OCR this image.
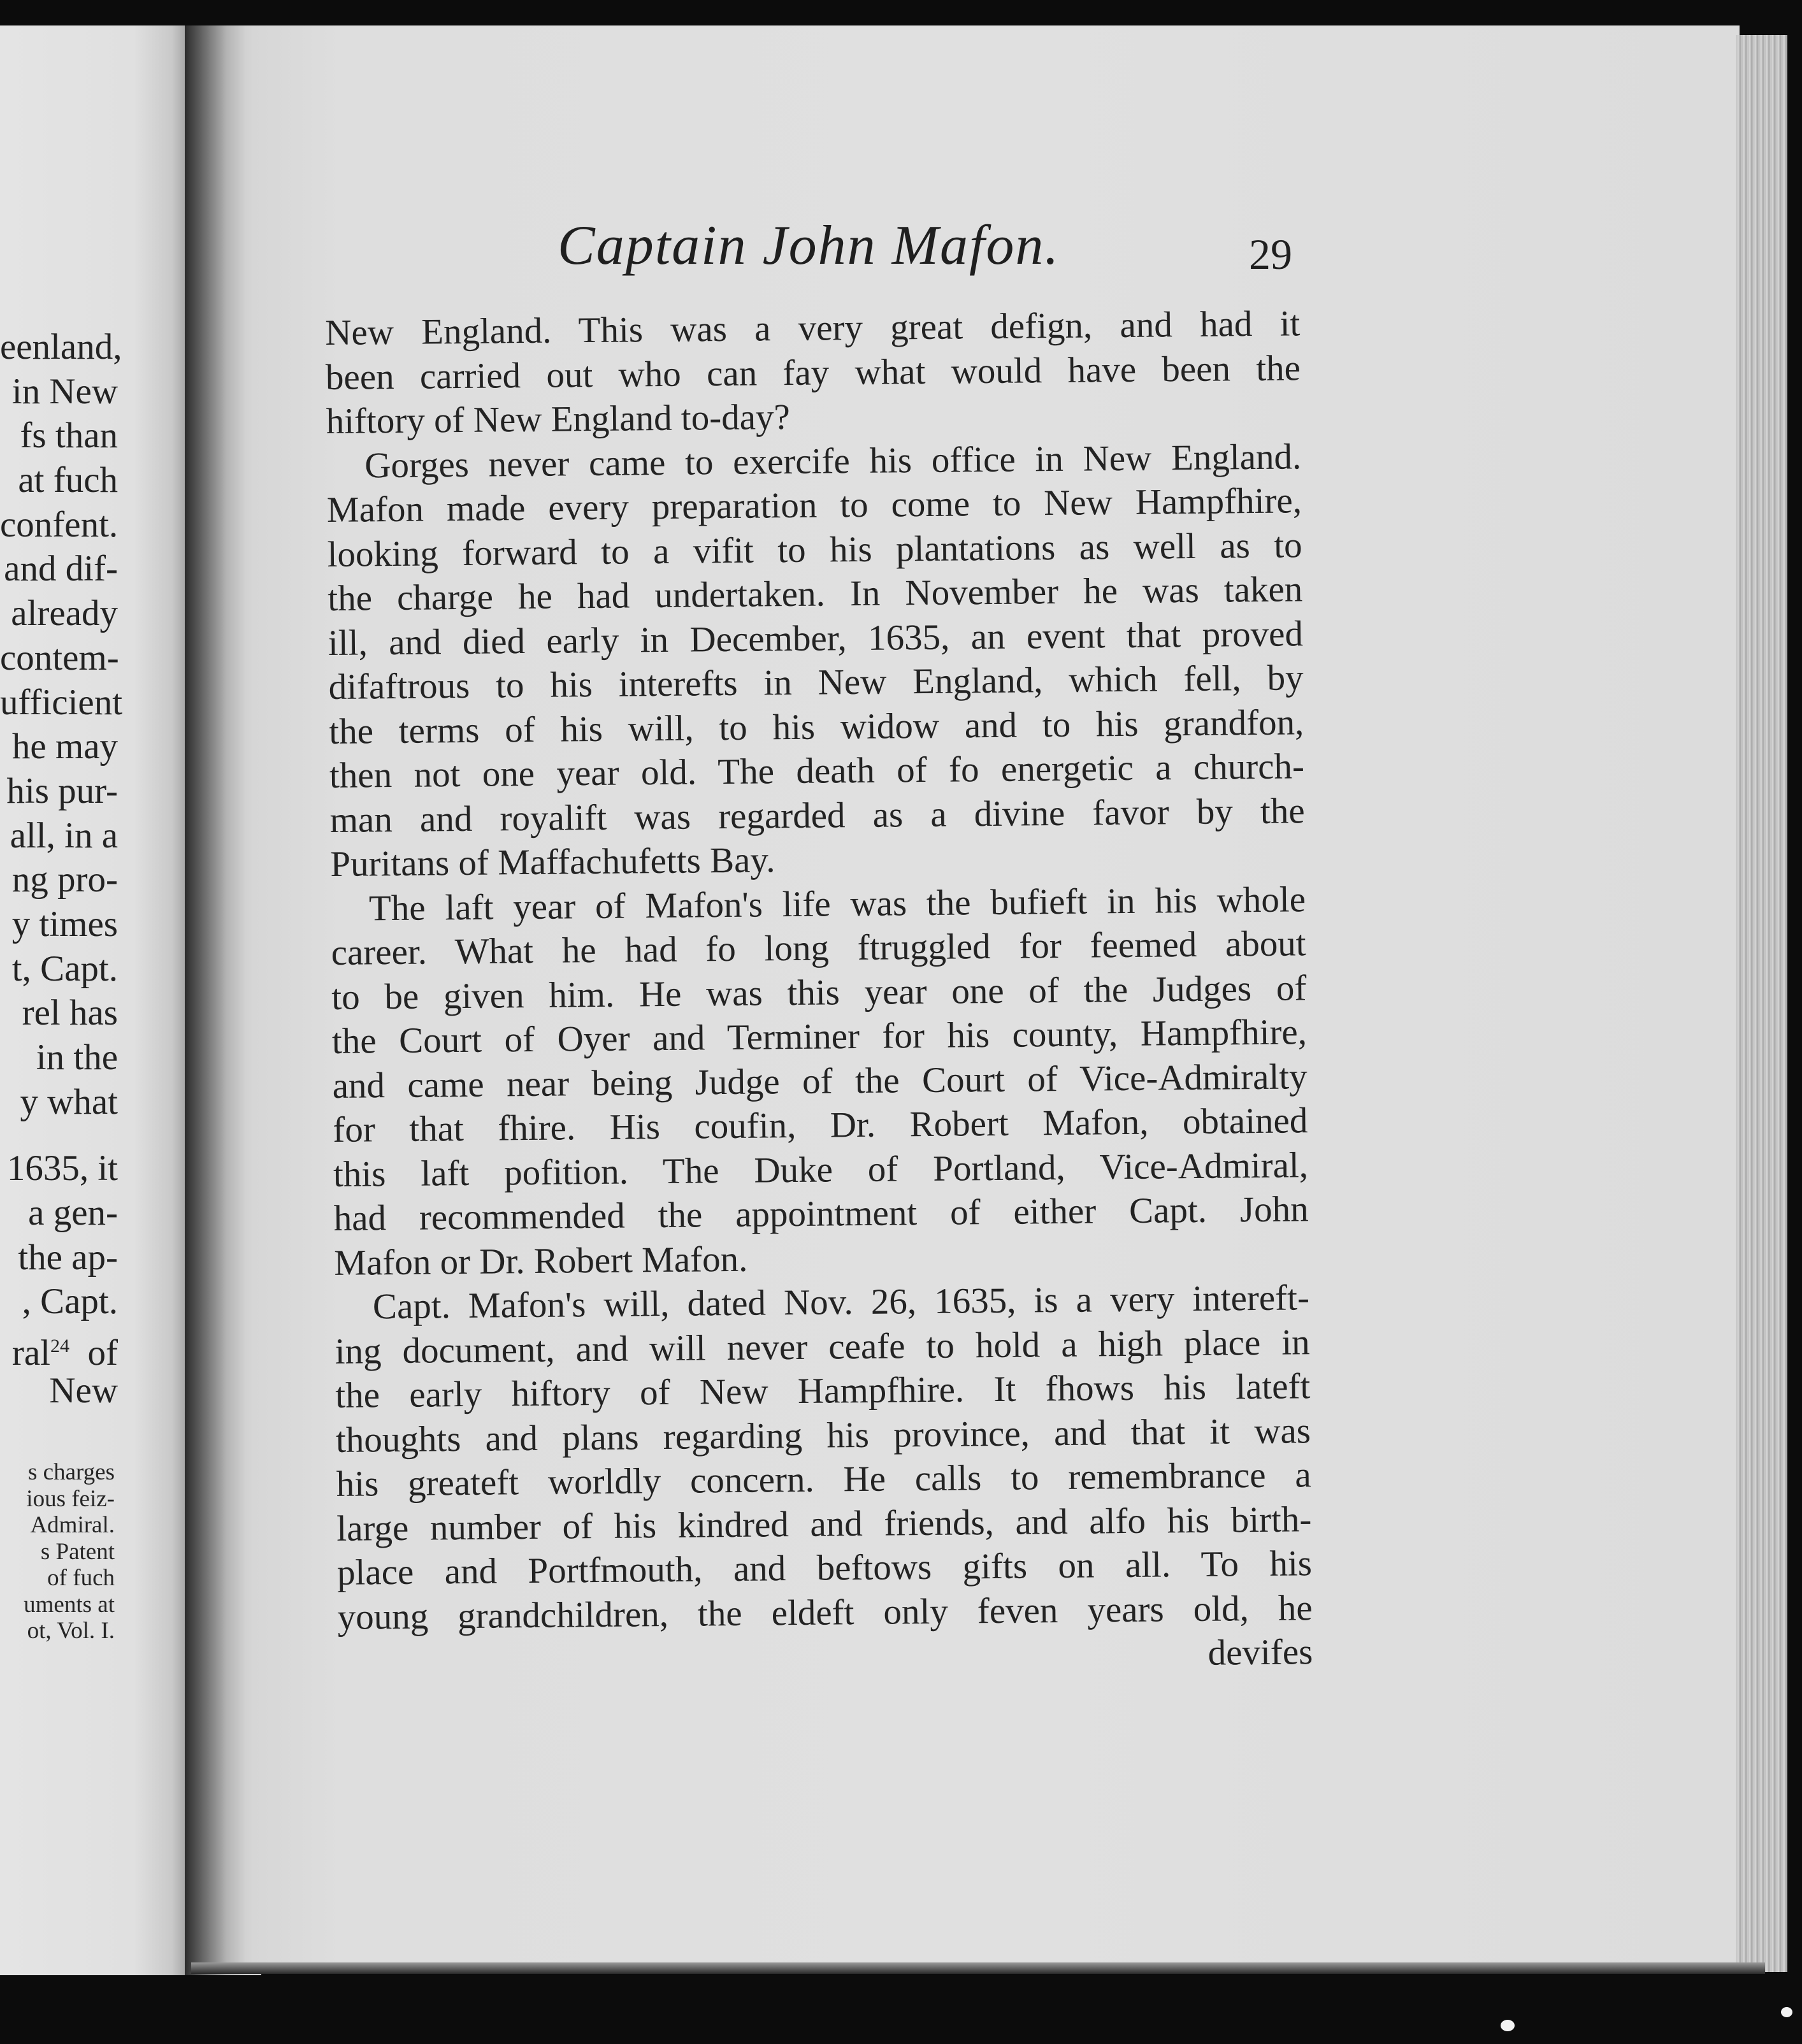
eenland,
in New
fs than
at fuch
confent.
and dif-
already
contem-
ufficient
he may
his pur-
all, in a
ng pro-
y times
t, Capt.
rel has
in the
y what
1635, it
a gen-
the ap-
, Capt.
ral$^{24}$ of
New
s charges
ious feiz-
Admiral.
s Patent
of fuch
uments at
ot, Vol. I.
Captain John Mafon.	29
New England. This was a very great defign, and had it
been carried out who can fay what would have been the
hiftory of New England to-day?
Gorges never came to exercife his office in New England.
Mafon made every preparation to come to New Hampfhire,
looking forward to a vifit to his plantations as well as to
the charge he had undertaken. In November he was taken
ill, and died early in December, 1635, an event that proved
difaftrous to his interefts in New England, which fell, by
the terms of his will, to his widow and to his grandfon,
then not one year old. The death of fo energetic a church-
man and royalift was regarded as a divine favor by the
Puritans of Maffachufetts Bay.
The laft year of Mafon's life was the bufieft in his whole
career. What he had fo long ftruggled for feemed about
to be given him. He was this year one of the Judges of
the Court of Oyer and Terminer for his county, Hampfhire,
and came near being Judge of the Court of Vice-Admiralty
for that fhire. His coufin, Dr. Robert Mafon, obtained
this laft pofition. The Duke of Portland, Vice-Admiral,
had recommended the appointment of either Capt. John
Mafon or Dr. Robert Mafon.
Capt. Mafon's will, dated Nov. 26, 1635, is a very intereft-
ing document, and will never ceafe to hold a high place in
the early hiftory of New Hampfhire. It fhows his lateft
thoughts and plans regarding his province, and that it was
his greateft worldly concern. He calls to remembrance a
large number of his kindred and friends, and alfo his birth-
place and Portfmouth, and beftows gifts on all. To his
young grandchildren, the eldeft only feven years old, he
devifes
